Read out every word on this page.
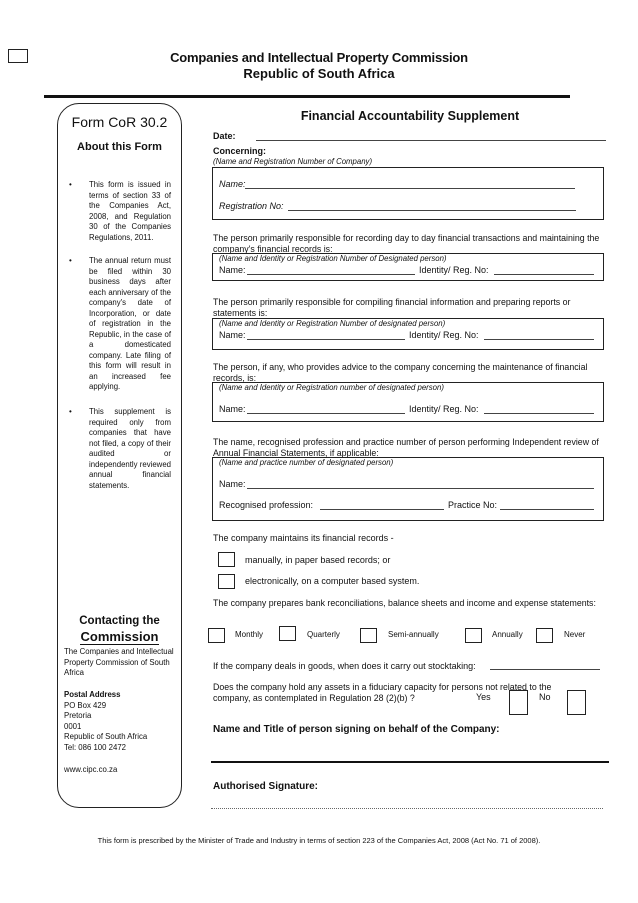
Companies and Intellectual Property Commission
Republic of South Africa
Form CoR 30.2
About this Form
• This form is issued in terms of section 33 of the Companies Act, 2008, and Regulation 30 of the Companies Regulations, 2011.
• The annual return must be filed within 30 business days after each anniversary of the company's date of Incorporation, or date of registration in the Republic, in the case of a domesticated company. Late filing of this form will result in an increased fee applying.
• This supplement is required only from companies that have not filed, a copy of their audited or independently reviewed annual financial statements.
Contacting the
Commission
The Companies and Intellectual Property Commission of South Africa
Postal Address
PO Box 429
Pretoria
0001
Republic of South Africa
Tel: 086 100 2472
www.cipc.co.za
Financial Accountability Supplement
Date:
Concerning:
(Name and Registration Number of Company)
Name:
Registration No:
The person primarily responsible for recording day to day financial transactions and maintaining the company's financial records is:
(Name and Identity or Registration Number of Designated person)
Name:	Identity/ Reg. No:
The person primarily responsible for compiling financial information and preparing reports or statements is:
(Name and Identity or Registration Number of designated person)
Name:	Identity/ Reg. No:
The person, if any, who provides advice to the company concerning the maintenance of financial records, is:
(Name and Identity or Registration number of designated person)
Name:	Identity/ Reg. No:
The name, recognised profession and practice number of person performing Independent review of Annual Financial Statements, if applicable:
(Name and practice number of designated person)
Name:
Recognised profession:	Practice No:
The company maintains its financial records -
manually, in paper based records; or
electronically, on a computer based system.
The company prepares bank reconciliations, balance sheets and income and expense statements:
Monthly	Quarterly	Semi-annually	Annually	Never
If the company deals in goods, when does it carry out stocktaking:
Does the company hold any assets in a fiduciary capacity for persons not related to the company, as contemplated in Regulation 28 (2)(b) ?	Yes	No
Name and Title of person signing on behalf of the Company:
Authorised Signature:
This form is prescribed by the Minister of Trade and Industry in terms of section 223 of the Companies Act, 2008 (Act No. 71 of 2008).
